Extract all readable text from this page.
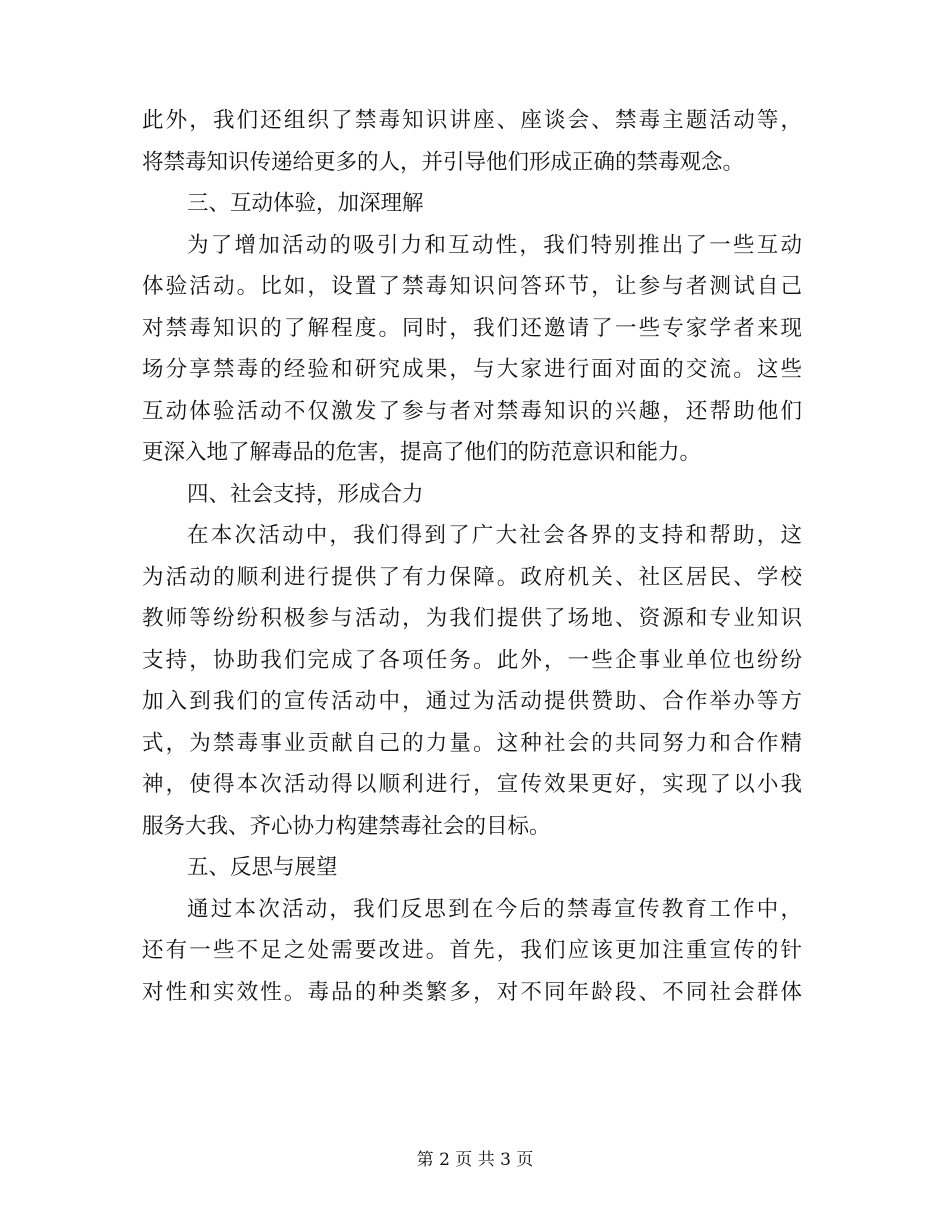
此外，我们还组织了禁毒知识讲座、座谈会、禁毒主题活动等，
将禁毒知识传递给更多的人，并引导他们形成正确的禁毒观念。
三、互动体验，加深理解
为了增加活动的吸引力和互动性，我们特别推出了一些互动
体验活动。比如，设置了禁毒知识问答环节，让参与者测试自己
对禁毒知识的了解程度。同时，我们还邀请了一些专家学者来现
场分享禁毒的经验和研究成果，与大家进行面对面的交流。这些
互动体验活动不仅激发了参与者对禁毒知识的兴趣，还帮助他们
更深入地了解毒品的危害，提高了他们的防范意识和能力。
四、社会支持，形成合力
在本次活动中，我们得到了广大社会各界的支持和帮助，这
为活动的顺利进行提供了有力保障。政府机关、社区居民、学校
教师等纷纷积极参与活动，为我们提供了场地、资源和专业知识
支持，协助我们完成了各项任务。此外，一些企事业单位也纷纷
加入到我们的宣传活动中，通过为活动提供赞助、合作举办等方
式，为禁毒事业贡献自己的力量。这种社会的共同努力和合作精
神，使得本次活动得以顺利进行，宣传效果更好，实现了以小我
服务大我、齐心协力构建禁毒社会的目标。
五、反思与展望
通过本次活动，我们反思到在今后的禁毒宣传教育工作中，
还有一些不足之处需要改进。首先，我们应该更加注重宣传的针
对性和实效性。毒品的种类繁多，对不同年龄段、不同社会群体
第 2 页 共 3 页
